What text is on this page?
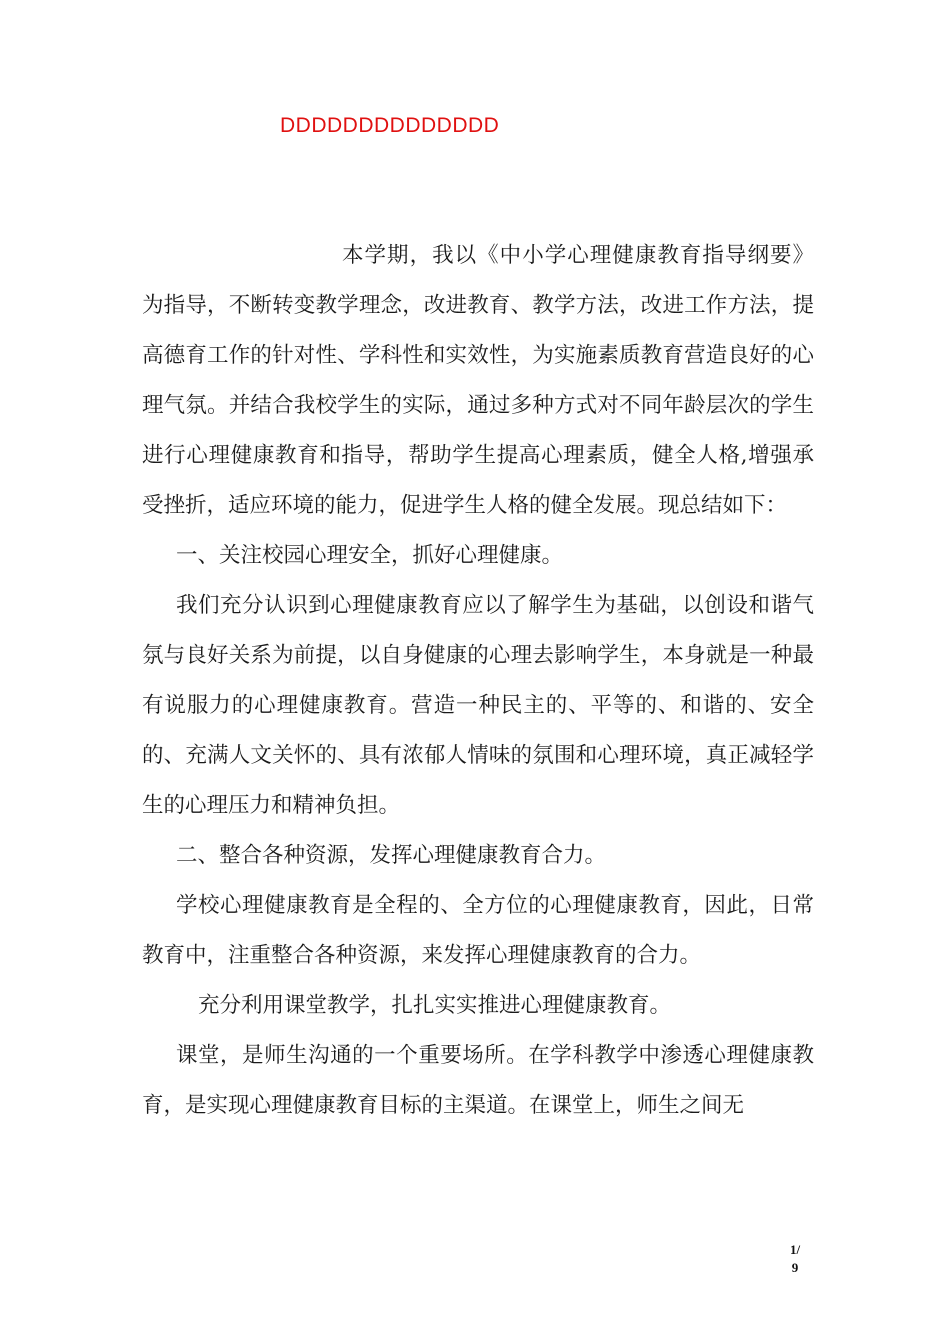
DDDDDDDDDDDDDD

本学期，我以《中小学心理健康教育指导纲要》为指导，不断转变教学理念，改进教育、教学方法，改进工作方法，提高德育工作的针对性、学科性和实效性，为实施素质教育营造良好的心理气氛。并结合我校学生的实际，通过多种方式对不同年龄层次的学生进行心理健康教育和指导，帮助学生提高心理素质，健全人格,增强承受挫折，适应环境的能力，促进学生人格的健全发展。现总结如下：

一、关注校园心理安全，抓好心理健康。

我们充分认识到心理健康教育应以了解学生为基础，以创设和谐气氛与良好关系为前提，以自身健康的心理去影响学生，本身就是一种最有说服力的心理健康教育。营造一种民主的、平等的、和谐的、安全的、充满人文关怀的、具有浓郁人情味的氛围和心理环境，真正减轻学生的心理压力和精神负担。

二、整合各种资源，发挥心理健康教育合力。

学校心理健康教育是全程的、全方位的心理健康教育，因此，日常教育中，注重整合各种资源，来发挥心理健康教育的合力。

充分利用课堂教学，扎扎实实推进心理健康教育。

课堂，是师生沟通的一个重要场所。在学科教学中渗透心理健康教育，是实现心理健康教育目标的主渠道。在课堂上，师生之间无

1/
9
